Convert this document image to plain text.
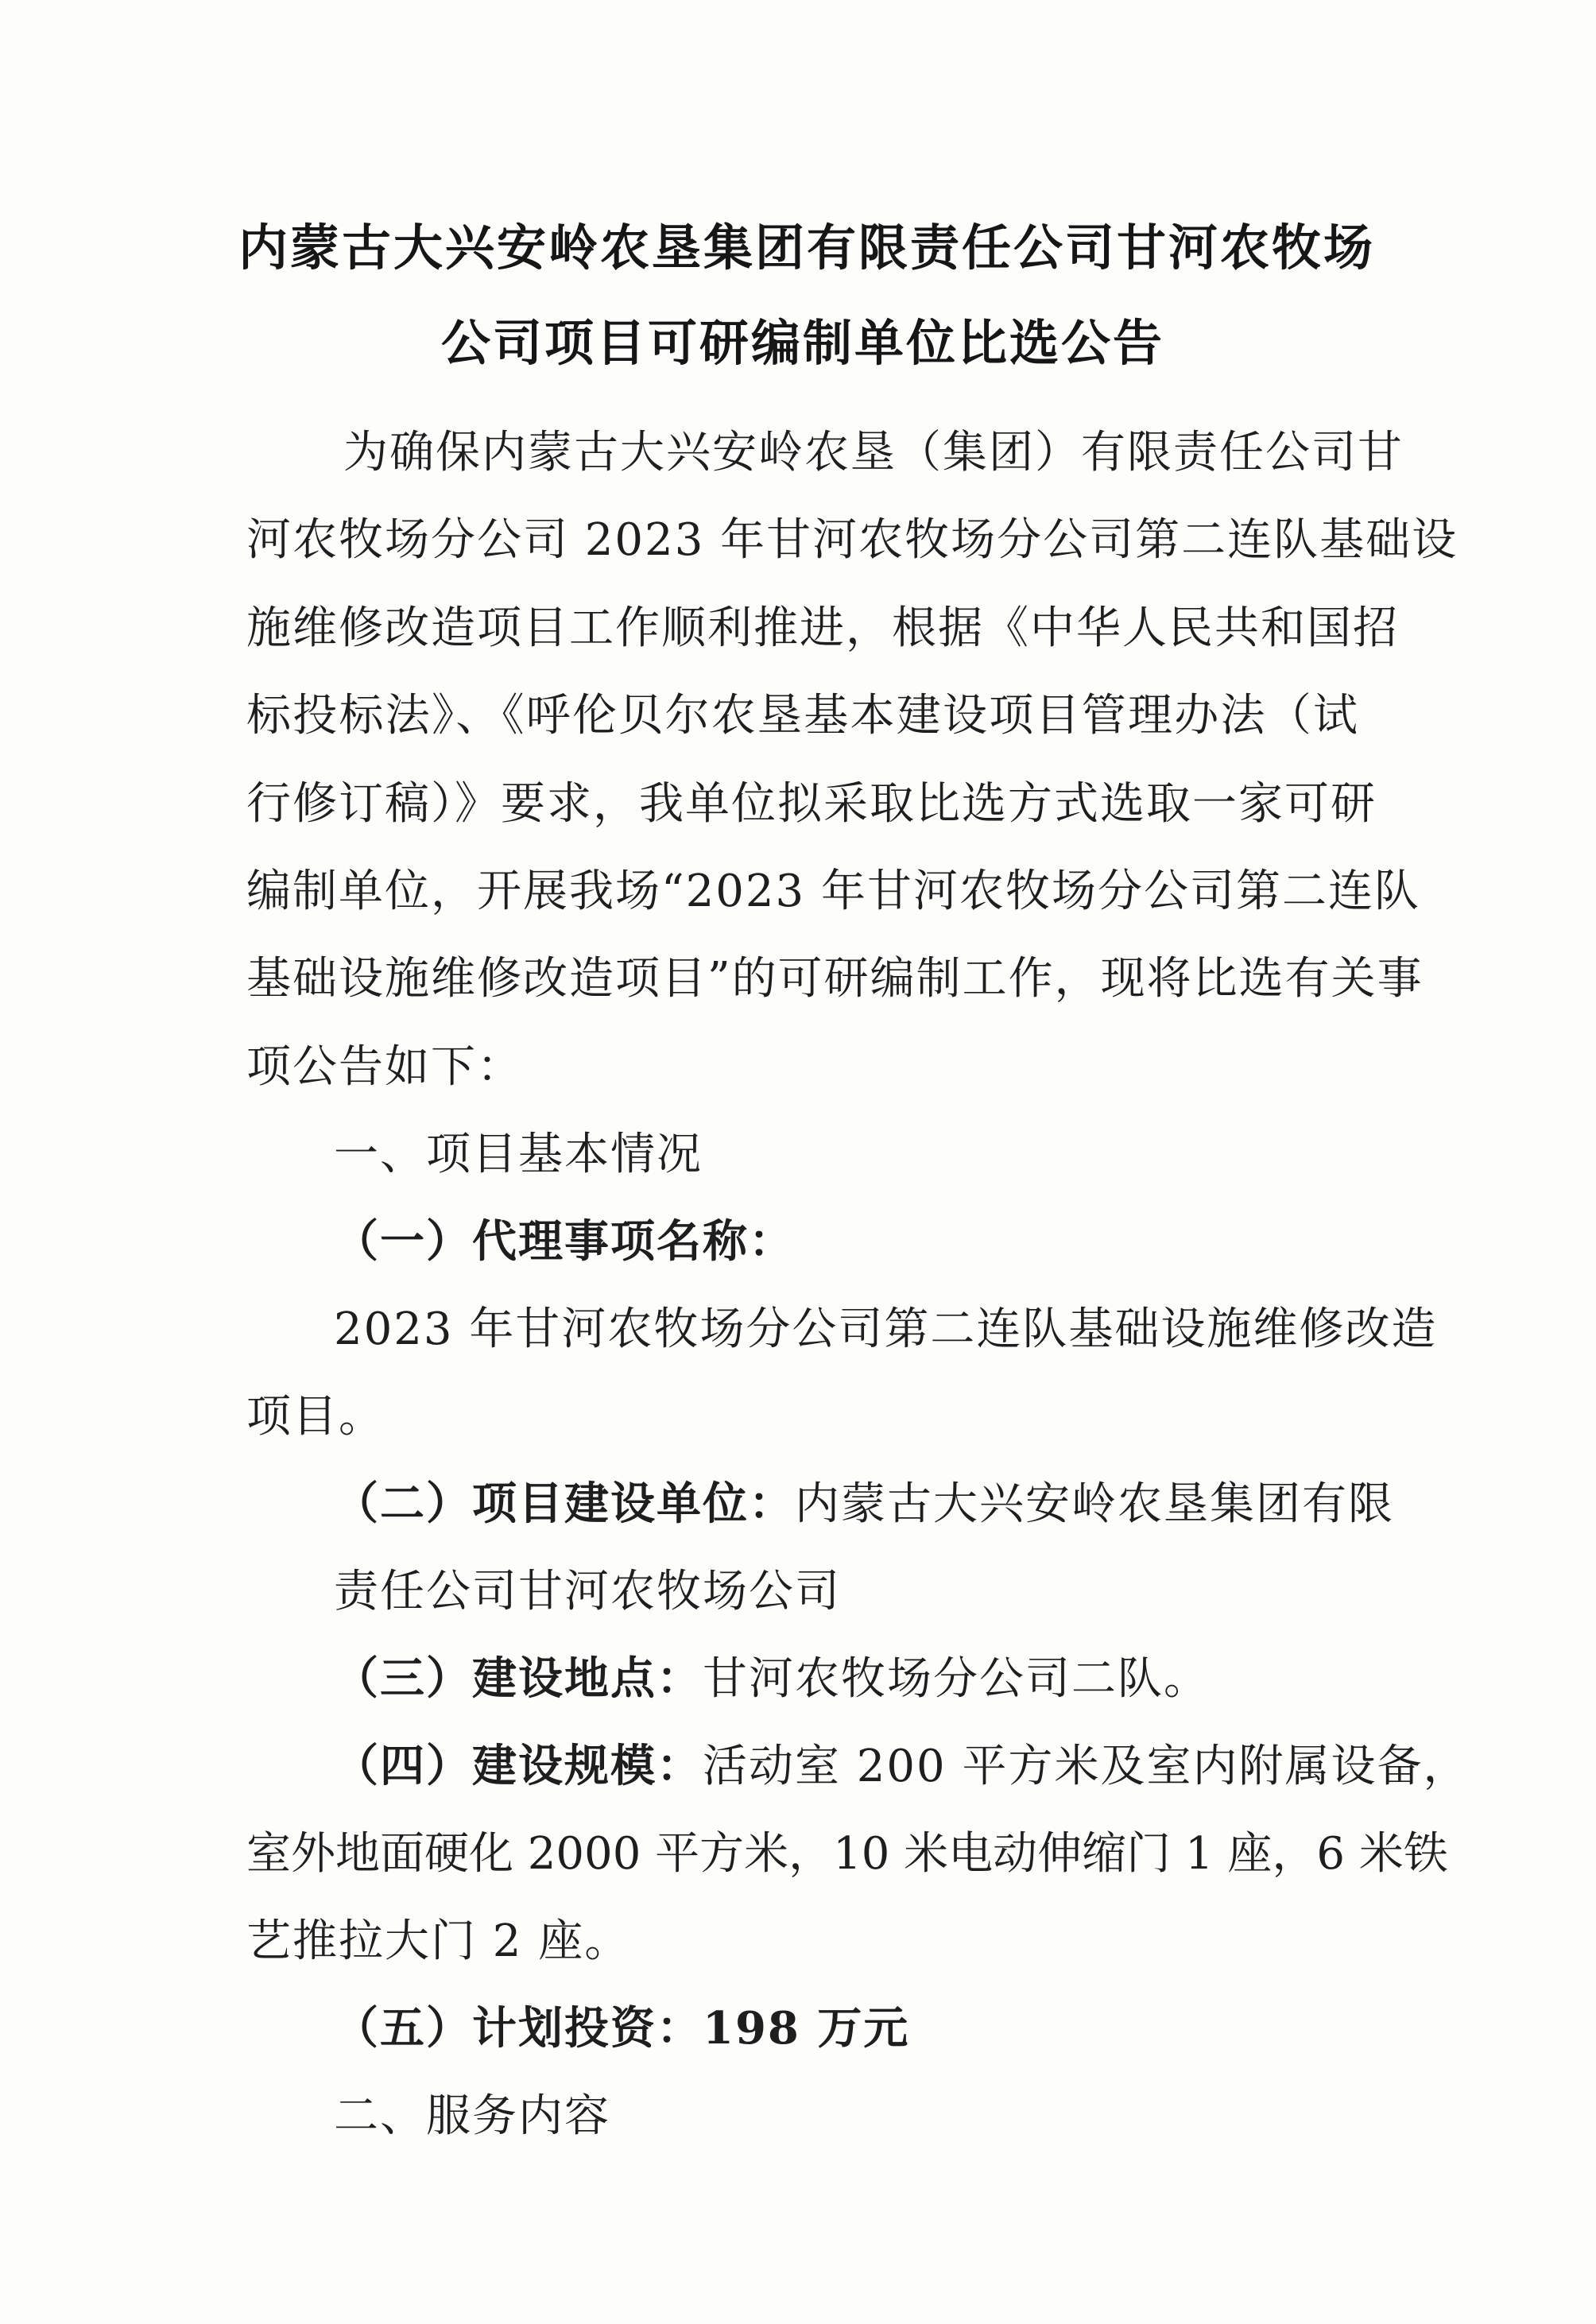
内蒙古大兴安岭农垦集团有限责任公司甘河农牧场
公司项目可研编制单位比选公告
为确保内蒙古大兴安岭农垦（集团）有限责任公司甘
河农牧场分公司 2023 年甘河农牧场分公司第二连队基础设
施维修改造项目工作顺利推进，根据《中华人民共和国招
标投标法》、《呼伦贝尔农垦基本建设项目管理办法（试
行修订稿）》要求，我单位拟采取比选方式选取一家可研
编制单位，开展我场“2023 年甘河农牧场分公司第二连队
基础设施维修改造项目”的可研编制工作，现将比选有关事
项公告如下：
一、项目基本情况
（一）代理事项名称：
2023 年甘河农牧场分公司第二连队基础设施维修改造
项目。
（二）项目建设单位：内蒙古大兴安岭农垦集团有限
责任公司甘河农牧场公司
（三）建设地点：甘河农牧场分公司二队。
（四）建设规模：活动室 200 平方米及室内附属设备，
室外地面硬化 2000 平方米，10 米电动伸缩门 1 座，6 米铁
艺推拉大门 2 座。
（五）计划投资：198 万元
二、服务内容
